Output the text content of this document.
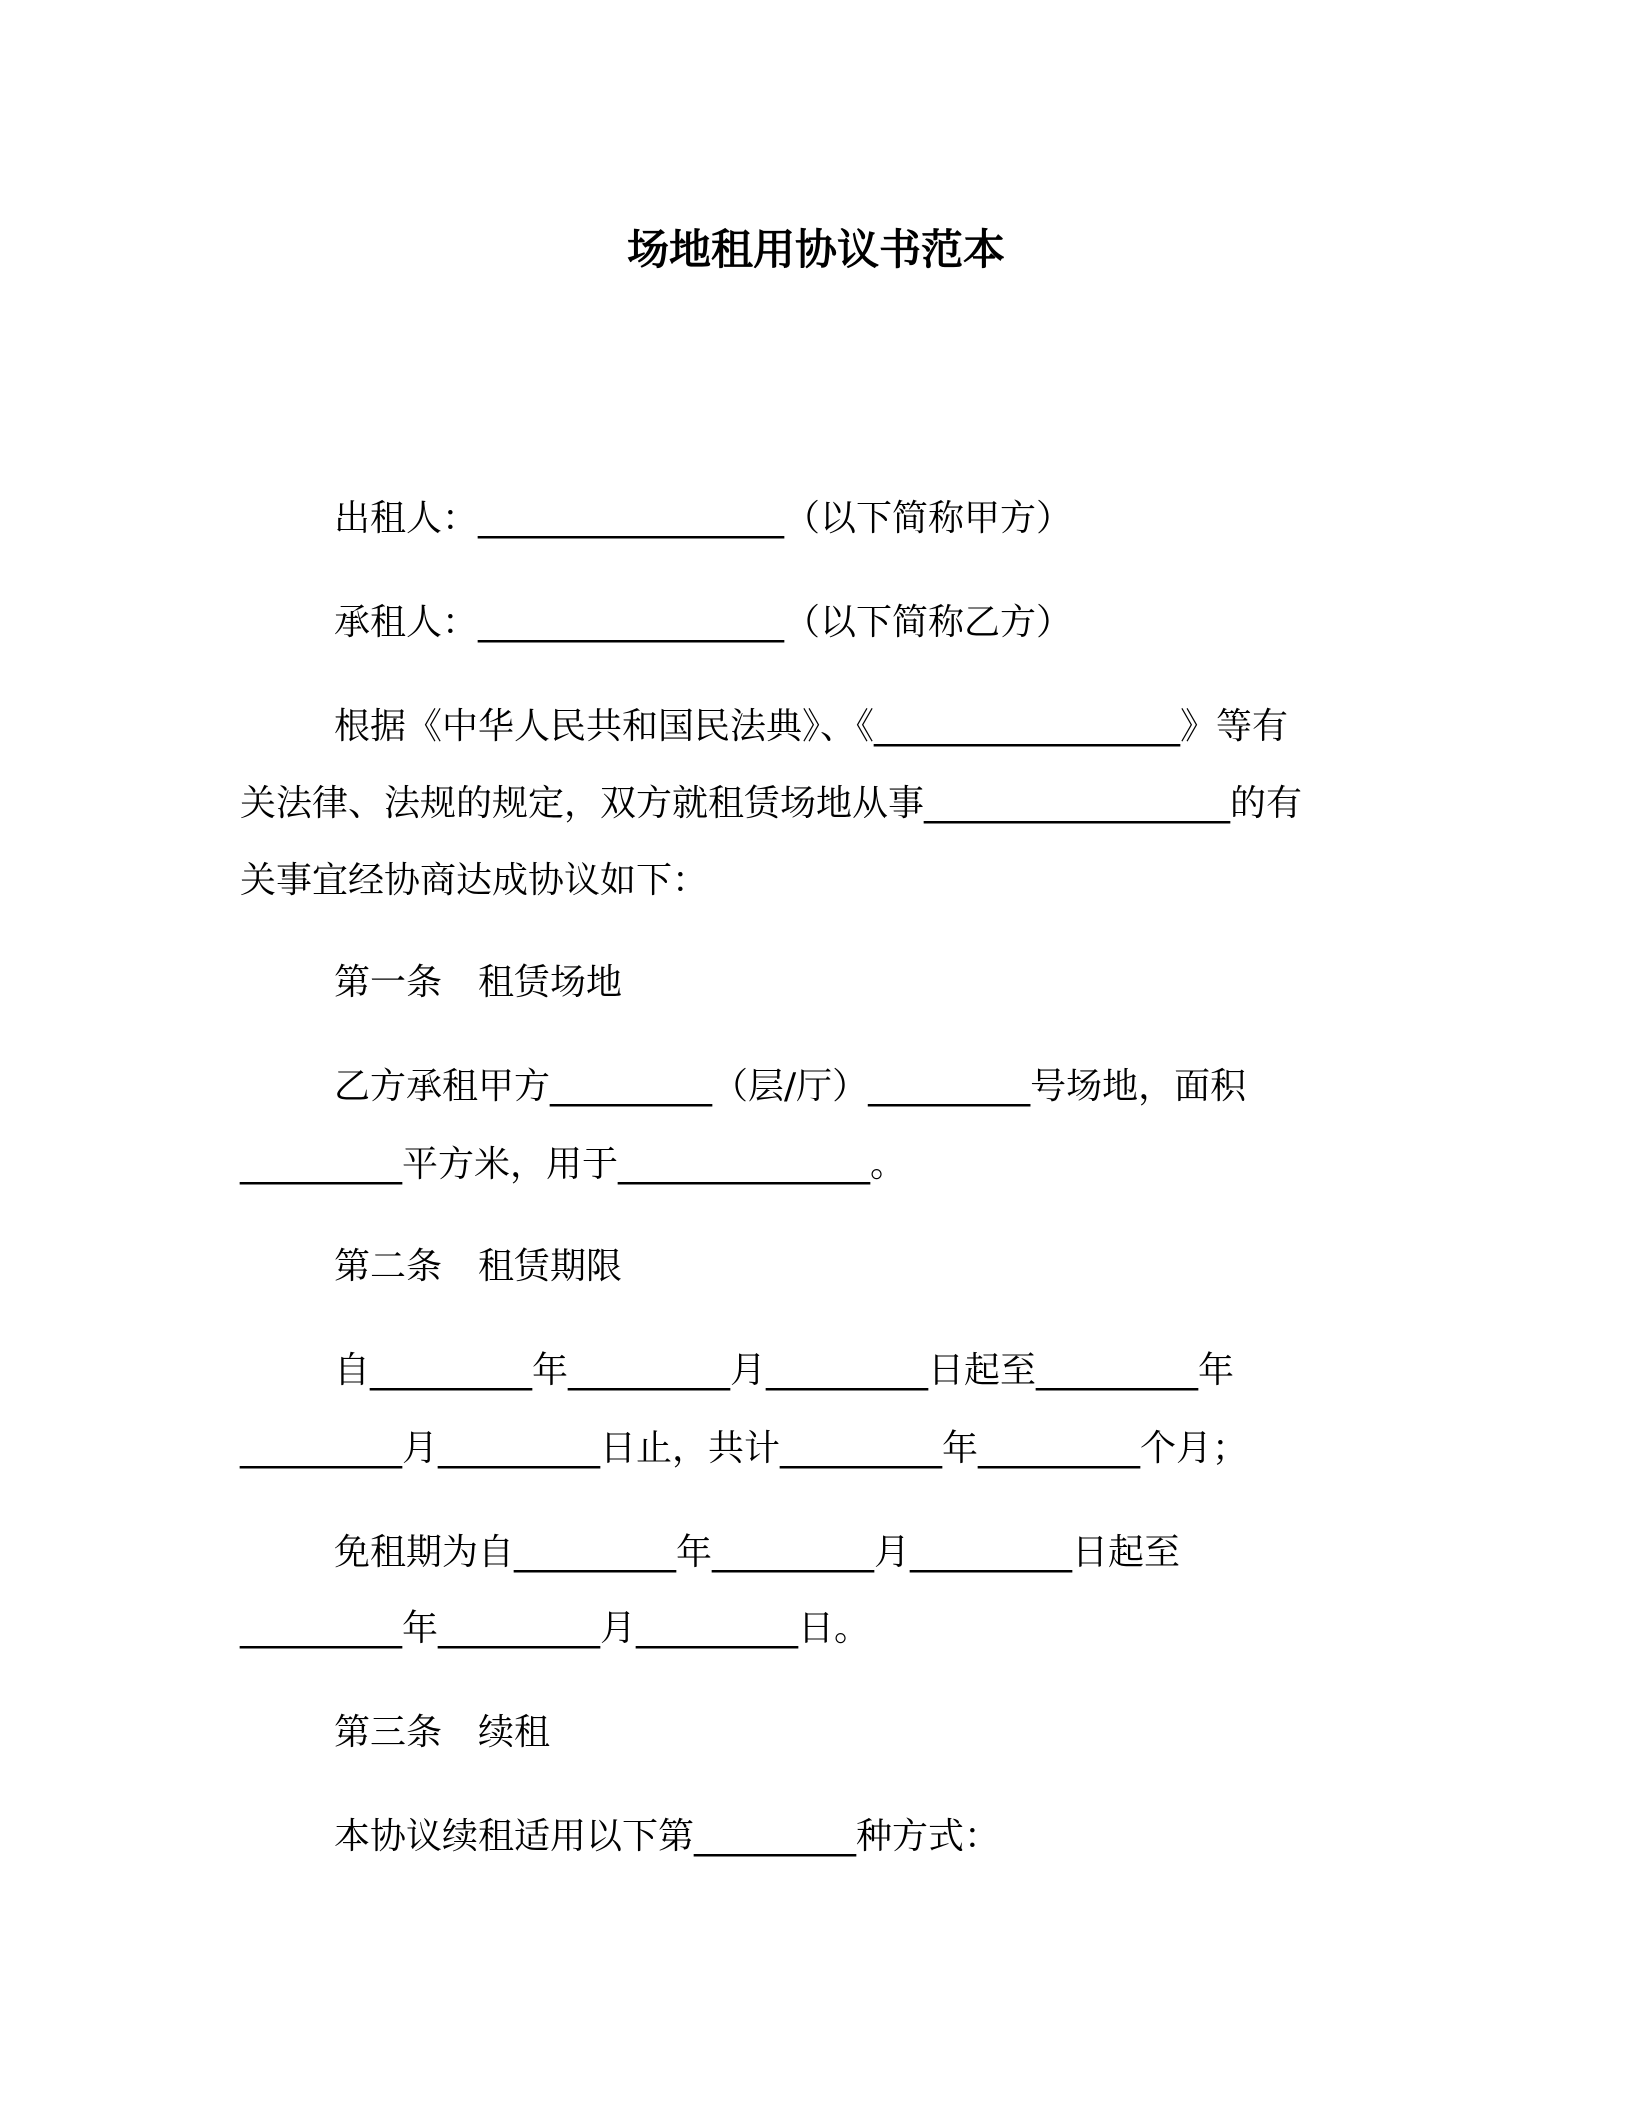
场地租用协议书范本
出租人：_________________（以下简称甲方）
承租人：_________________（以下简称乙方）
根据《中华人民共和国民法典》、《_________________》等有
关法律、法规的规定，双方就租赁场地从事_________________的有
关事宜经协商达成协议如下：
第一条　租赁场地
乙方承租甲方_________（层/厅）_________号场地，面积
_________平方米，用于______________。
第二条　租赁期限
自_________年_________月_________日起至_________年
_________月_________日止，共计_________年_________个月；
免租期为自_________年_________月_________日起至
_________年_________月_________日。
第三条　续租
本协议续租适用以下第_________种方式：
